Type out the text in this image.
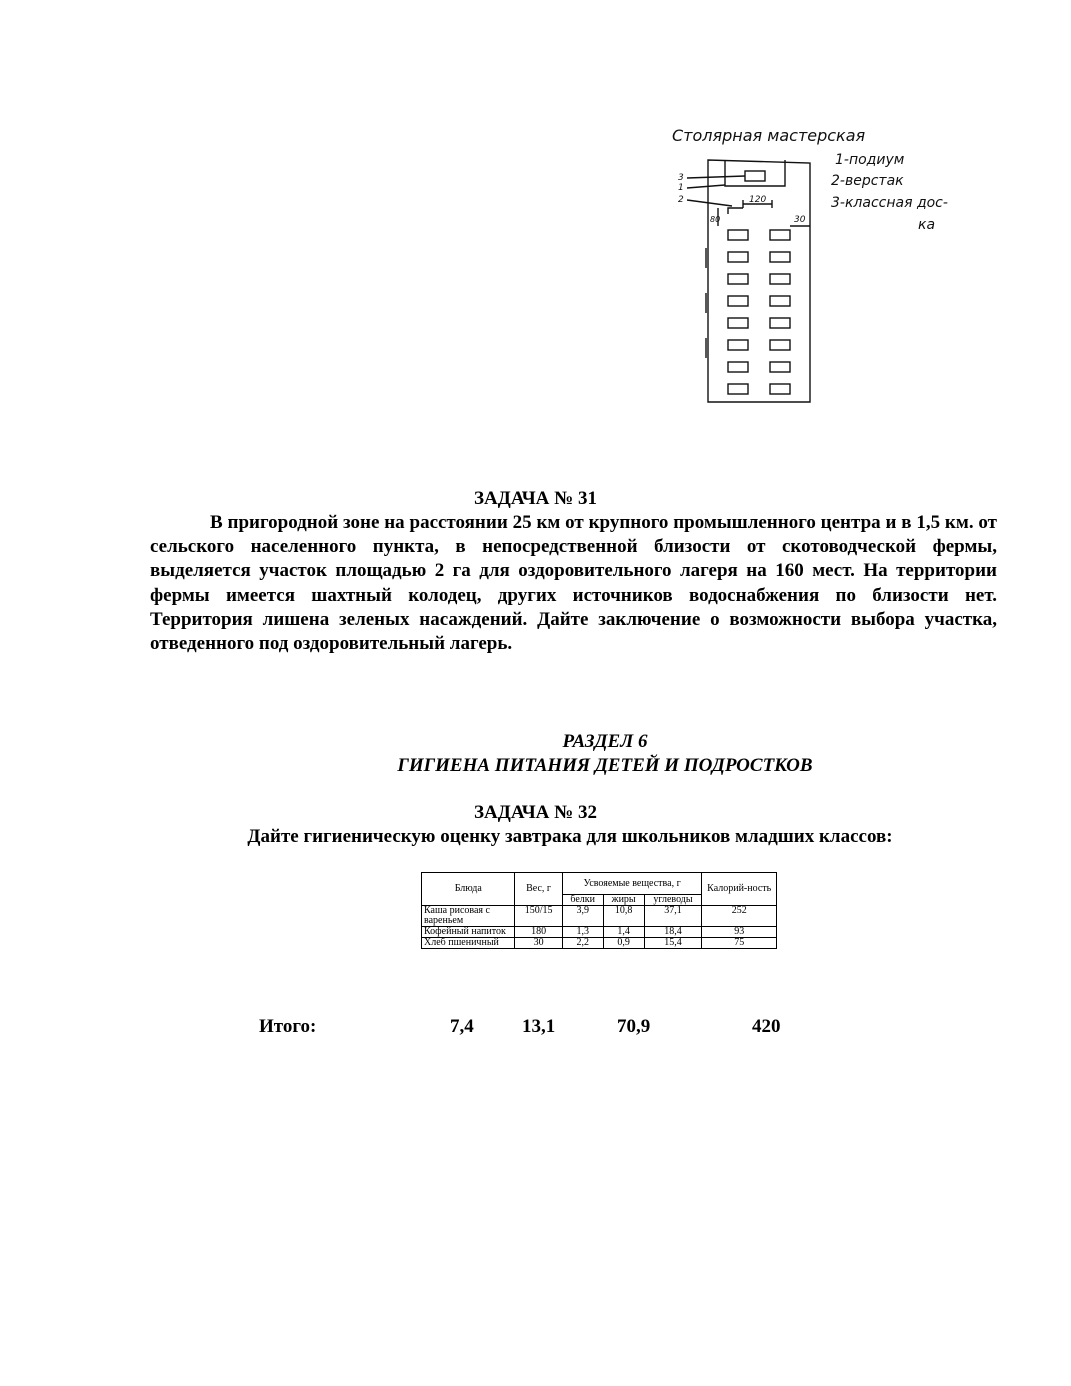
Столярная мастерская
1-подиум
2-верстак
3-классная дос-
ка
3
1
2	120
30
80
ЗАДАЧА № 31
В пригородной зоне на расстоянии 25 км от крупного промышленного центра и в 1,5 км. от сельского населенного пункта, в непосредственной близости от скотоводческой фермы, выделяется участок площадью 2 га для оздоровительного лагеря на 160 мест. На территории фермы имеется шахтный колодец, других источников водоснабжения по близости нет. Территория лишена зеленых насаждений. Дайте заключение о возможности выбора участка, отведенного под оздоровительный лагерь.
РАЗДЕЛ 6
ГИГИЕНА ПИТАНИЯ ДЕТЕЙ И ПОДРОСТКОВ
ЗАДАЧА № 32
Дайте гигиеническую оценку завтрака для школьников младших классов:
Блюда	Вес, г	Усвояемые вещества, г			Калорий-ность
		белки	жиры	углеводы	
Каша рисовая с вареньем	150/15	3,9	10,8	37,1	252
Кофейный напиток	180	1,3	1,4	18,4	93
Хлеб пшеничный	30	2,2	0,9	15,4	75
Итого:	7,4	13,1	70,9	420
